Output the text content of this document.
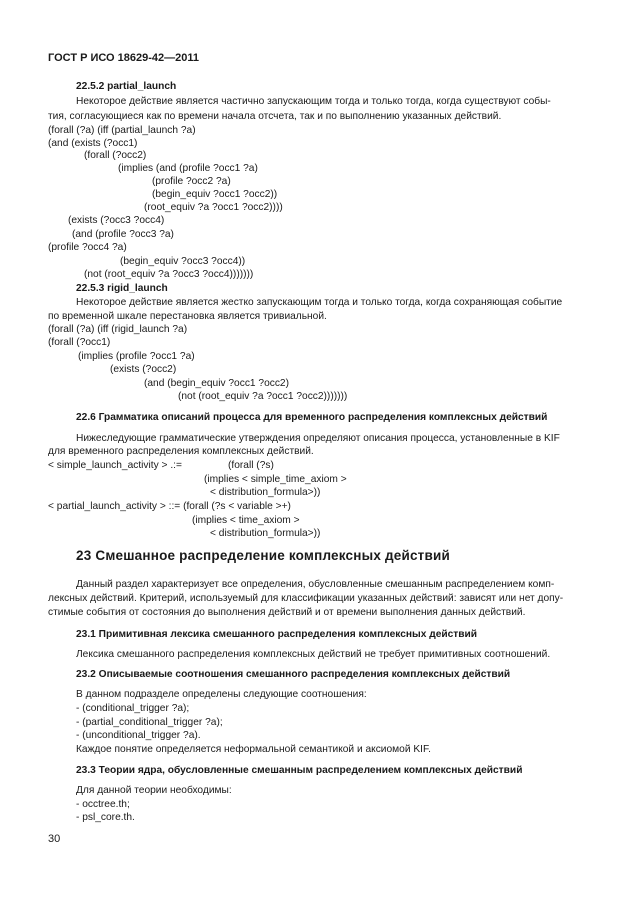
ГОСТ Р ИСО 18629-42—2011
22.5.2 partial_launch
Некоторое действие является частично запускающим тогда и только тогда, когда существуют собы-
тия, согласующиеся как по времени начала отсчета, так и по выполнению указанных действий.
(forall (?a) (iff (partial_launch ?a)
(and (exists (?occ1)
(forall (?occ2)
(implies (and (profile ?occ1 ?a)
(profile ?occ2 ?a)
(begin_equiv ?occ1 ?occ2))
(root_equiv ?a ?occ1 ?occ2))))
(exists (?occ3 ?occ4)
(and (profile ?occ3 ?a)
(profile ?occ4 ?a)
(begin_equiv ?occ3 ?occ4))
(not (root_equiv ?a ?occ3 ?occ4)))))))
22.5.3 rigid_launch
Некоторое действие является жестко запускающим тогда и только тогда, когда сохраняющая событие
по временной шкале перестановка является тривиальной.
(forall (?a) (iff (rigid_launch ?a)
(forall (?occ1)
(implies (profile ?occ1 ?a)
(exists (?occ2)
(and (begin_equiv ?occ1 ?occ2)
(not (root_equiv ?a ?occ1 ?occ2)))))))
22.6 Грамматика описаний процесса для временного распределения комплексных действий
Нижеследующие грамматические утверждения определяют описания процесса, установленные в KIF
для временного распределения комплексных действий.
< simple_launch_activity > .:=	(forall (?s)
(implies < simple_time_axiom >
< distribution_formula>))
< partial_launch_activity > ::= (forall (?s < variable >+)
(implies < time_axiom >
< distribution_formula>))
23 Смешанное распределение комплексных действий
Данный раздел характеризует все определения, обусловленные смешанным распределением комп-
лексных действий. Критерий, используемый для классификации указанных действий: зависят или нет допу-
стимые события от состояния до выполнения действий и от времени выполнения данных действий.
23.1 Примитивная лексика смешанного распределения комплексных действий
Лексика смешанного распределения комплексных действий не требует примитивных соотношений.
23.2 Описываемые соотношения смешанного распределения комплексных действий
В данном подразделе определены следующие соотношения:
- (conditional_trigger ?a);
- (partial_conditional_trigger ?a);
- (unconditional_trigger ?a).
Каждое понятие определяется неформальной семантикой и аксиомой KIF.
23.3 Теории ядра, обусловленные смешанным распределением комплексных действий
Для данной теории необходимы:
- occtree.th;
- psl_core.th.
30
